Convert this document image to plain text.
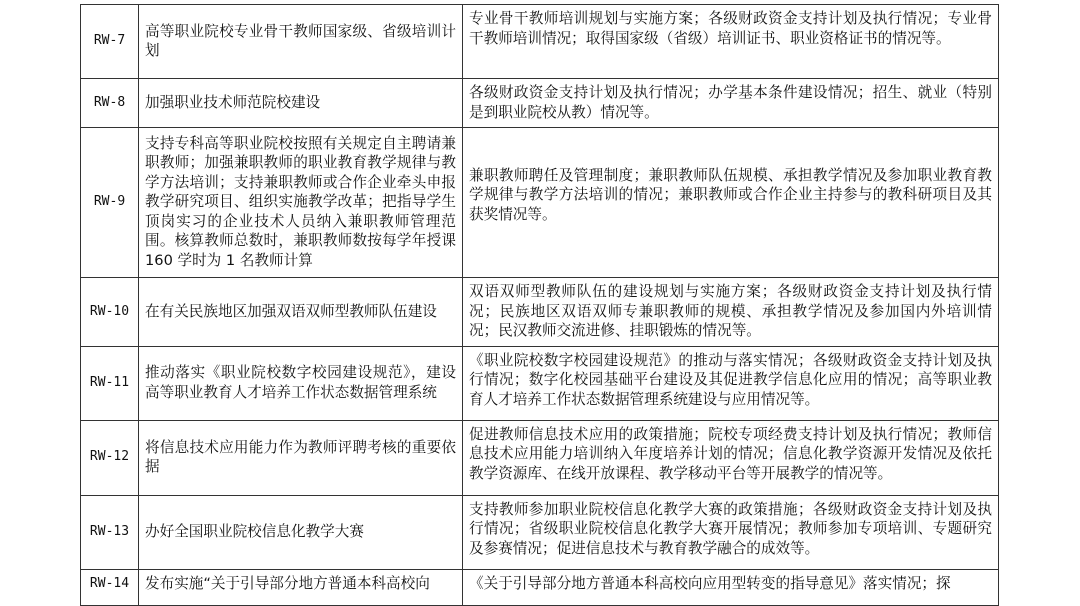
RW-7	高等职业院校专业骨干教师国家级、省级培训计划	专业骨干教师培训规划与实施方案；各级财政资金支持计划及执行情况；专业骨干教师培训情况；取得国家级（省级）培训证书、职业资格证书的情况等。
RW-8	加强职业技术师范院校建设	各级财政资金支持计划及执行情况；办学基本条件建设情况；招生、就业（特别是到职业院校从教）情况等。
RW-9	支持专科高等职业院校按照有关规定自主聘请兼职教师；加强兼职教师的职业教育教学规律与教学方法培训；支持兼职教师或合作企业牵头申报教学研究项目、组织实施教学改革；把指导学生顶岗实习的企业技术人员纳入兼职教师管理范围。核算教师总数时，兼职教师数按每学年授课 160 学时为 1 名教师计算	兼职教师聘任及管理制度；兼职教师队伍规模、承担教学情况及参加职业教育教学规律与教学方法培训的情况；兼职教师或合作企业主持参与的教科研项目及其获奖情况等。

RW-10	在有关民族地区加强双语双师型教师队伍建设	双语双师型教师队伍的建设规划与实施方案；各级财政资金支持计划及执行情况；民族地区双语双师专兼职教师的规模、承担教学情况及参加国内外培训情况；民汉教师交流进修、挂职锻炼的情况等。
RW-11	推动落实《职业院校数字校园建设规范》，建设高等职业教育人才培养工作状态数据管理系统	《职业院校数字校园建设规范》的推动与落实情况；各级财政资金支持计划及执行情况；数字化校园基础平台建设及其促进教学信息化应用的情况；高等职业教育人才培养工作状态数据管理系统建设与应用情况等。
RW-12	将信息技术应用能力作为教师评聘考核的重要依据	促进教师信息技术应用的政策措施；院校专项经费支持计划及执行情况；教师信息技术应用能力培训纳入年度培养计划的情况；信息化教学资源开发情况及依托教学资源库、在线开放课程、教学移动平台等开展教学的情况等。
RW-13	办好全国职业院校信息化教学大赛	支持教师参加职业院校信息化教学大赛的政策措施；各级财政资金支持计划及执行情况；省级职业院校信息化教学大赛开展情况；教师参加专项培训、专题研究及参赛情况；促进信息技术与教育教学融合的成效等。
RW-14	发布实施“关于引导部分地方普通本科高校向	《关于引导部分地方普通本科高校向应用型转变的指导意见》落实情况；探
